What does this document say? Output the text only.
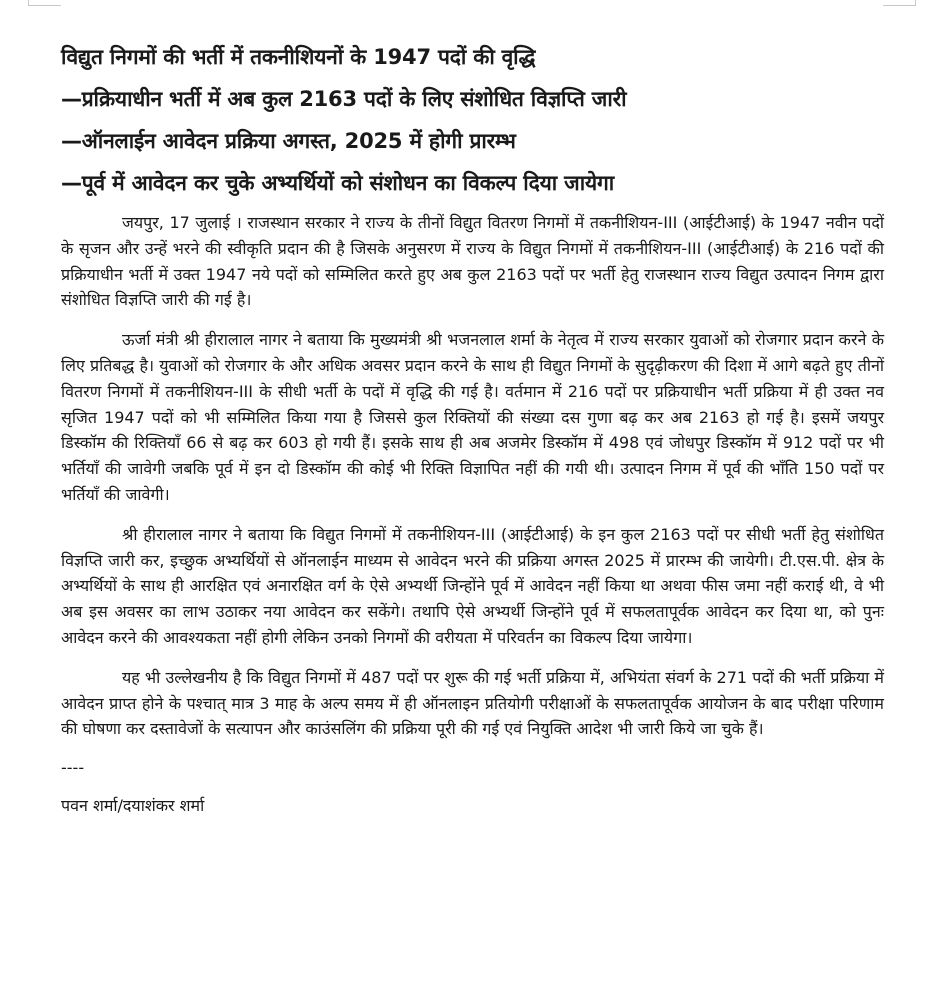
विद्युत निगमों की भर्ती में तकनीशियनों के 1947 पदों की वृद्धि
—प्रक्रियाधीन भर्ती में अब कुल 2163 पदों के लिए संशोधित विज्ञप्ति जारी
—ऑनलाईन आवेदन प्रक्रिया अगस्त, 2025 में होगी प्रारम्भ
—पूर्व में आवेदन कर चुके अभ्यर्थियों को संशोधन का विकल्प दिया जायेगा

जयपुर, 17 जुलाई । राजस्थान सरकार ने राज्य के तीनों विद्युत वितरण निगमों में तकनीशियन-III (आईटीआई) के 1947 नवीन पदों के सृजन और उन्हें भरने की स्वीकृति प्रदान की है जिसके अनुसरण में राज्य के विद्युत निगमों में तकनीशियन-III (आईटीआई) के 216 पदों की प्रक्रियाधीन भर्ती में उक्त 1947 नये पदों को सम्मिलित करते हुए अब कुल 2163 पदों पर भर्ती हेतु राजस्थान राज्य विद्युत उत्पादन निगम द्वारा संशोधित विज्ञप्ति जारी की गई है।

ऊर्जा मंत्री श्री हीरालाल नागर ने बताया कि मुख्यमंत्री श्री भजनलाल शर्मा के नेतृत्व में राज्य सरकार युवाओं को रोजगार प्रदान करने के लिए प्रतिबद्ध है। युवाओं को रोजगार के और अधिक अवसर प्रदान करने के साथ ही विद्युत निगमों के सुदृढ़ीकरण की दिशा में आगे बढ़ते हुए तीनों वितरण निगमों में तकनीशियन-III के सीधी भर्ती के पदों में वृद्धि की गई है। वर्तमान में 216 पदों पर प्रक्रियाधीन भर्ती प्रक्रिया में ही उक्त नव सृजित 1947 पदों को भी सम्मिलित किया गया है जिससे कुल रिक्तियों की संख्या दस गुणा बढ़ कर अब 2163 हो गई है। इसमें जयपुर डिस्कॉम की रिक्तियाँ 66 से बढ़ कर 603 हो गयी हैं। इसके साथ ही अब अजमेर डिस्कॉम में 498 एवं जोधपुर डिस्कॉम में 912 पदों पर भी भर्तियाँ की जावेगी जबकि पूर्व में इन दो डिस्कॉम की कोई भी रिक्ति विज्ञापित नहीं की गयी थी। उत्पादन निगम में पूर्व की भाँति 150 पदों पर भर्तियाँ की जावेगी।

श्री हीरालाल नागर ने बताया कि विद्युत निगमों में तकनीशियन-III (आईटीआई) के इन कुल 2163 पदों पर सीधी भर्ती हेतु संशोधित विज्ञप्ति जारी कर, इच्छुक अभ्यर्थियों से ऑनलाईन माध्यम से आवेदन भरने की प्रक्रिया अगस्त 2025 में प्रारम्भ की जायेगी। टी.एस.पी. क्षेत्र के अभ्यर्थियों के साथ ही आरक्षित एवं अनारक्षित वर्ग के ऐसे अभ्यर्थी जिन्होंने पूर्व में आवेदन नहीं किया था अथवा फीस जमा नहीं कराई थी, वे भी अब इस अवसर का लाभ उठाकर नया आवेदन कर सकेंगे। तथापि ऐसे अभ्यर्थी जिन्होंने पूर्व में सफलतापूर्वक आवेदन कर दिया था, को पुनः आवेदन करने की आवश्यकता नहीं होगी लेकिन उनको निगमों की वरीयता में परिवर्तन का विकल्प दिया जायेगा।

यह भी उल्लेखनीय है कि विद्युत निगमों में 487 पदों पर शुरू की गई भर्ती प्रक्रिया में, अभियंता संवर्ग के 271 पदों की भर्ती प्रक्रिया में आवेदन प्राप्त होने के पश्चात् मात्र 3 माह के अल्प समय में ही ऑनलाइन प्रतियोगी परीक्षाओं के सफलतापूर्वक आयोजन के बाद परीक्षा परिणाम की घोषणा कर दस्तावेजों के सत्यापन और काउंसलिंग की प्रक्रिया पूरी की गई एवं नियुक्ति आदेश भी जारी किये जा चुके हैं।

----
पवन शर्मा/दयाशंकर शर्मा
